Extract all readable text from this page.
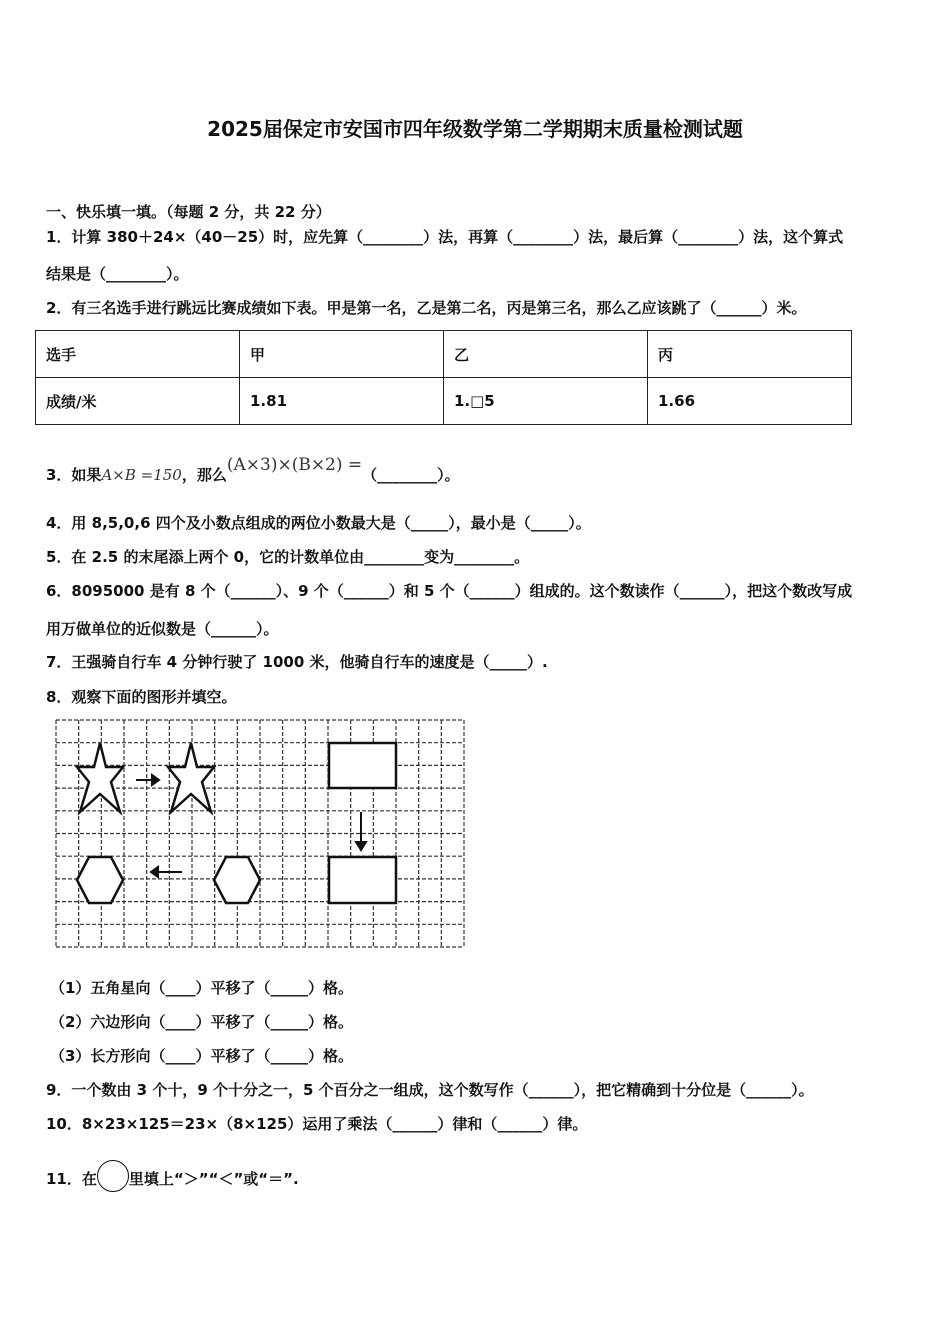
2025届保定市安国市四年级数学第二学期期末质量检测试题
一、快乐填一填。（每题 2 分，共 22 分）
1．计算 380＋24×（40－25）时，应先算（________）法，再算（________）法，最后算（________）法，这个算式
结果是（________）。
2．有三名选手进行跳远比赛成绩如下表。甲是第一名，乙是第二名，丙是第三名，那么乙应该跳了（______）米。
选手	甲	乙	丙
成绩/米	1.81	1.□5	1.66
3．如果A×B =150，那么(A×3)×(B×2) =（________）。
4．用 8,5,0,6 四个及小数点组成的两位小数最大是（_____），最小是（_____）。
5．在 2.5 的末尾添上两个 0，它的计数单位由________变为________。
6．8095000 是有 8 个（______）、9 个（______）和 5 个（______）组成的。这个数读作（______），把这个数改写成
用万做单位的近似数是（______）。
7．王强骑自行车 4 分钟行驶了 1000 米，他骑自行车的速度是（_____）.
8．观察下面的图形并填空。
（1）五角星向（____）平移了（_____）格。
（2）六边形向（____）平移了（_____）格。
（3）长方形向（____）平移了（_____）格。
9．一个数由 3 个十，9 个十分之一，5 个百分之一组成，这个数写作（______），把它精确到十分位是（______）。
10．8×23×125＝23×（8×125）运用了乘法（______）律和（______）律。
11．在 里填上“＞”“＜”或“＝”.
